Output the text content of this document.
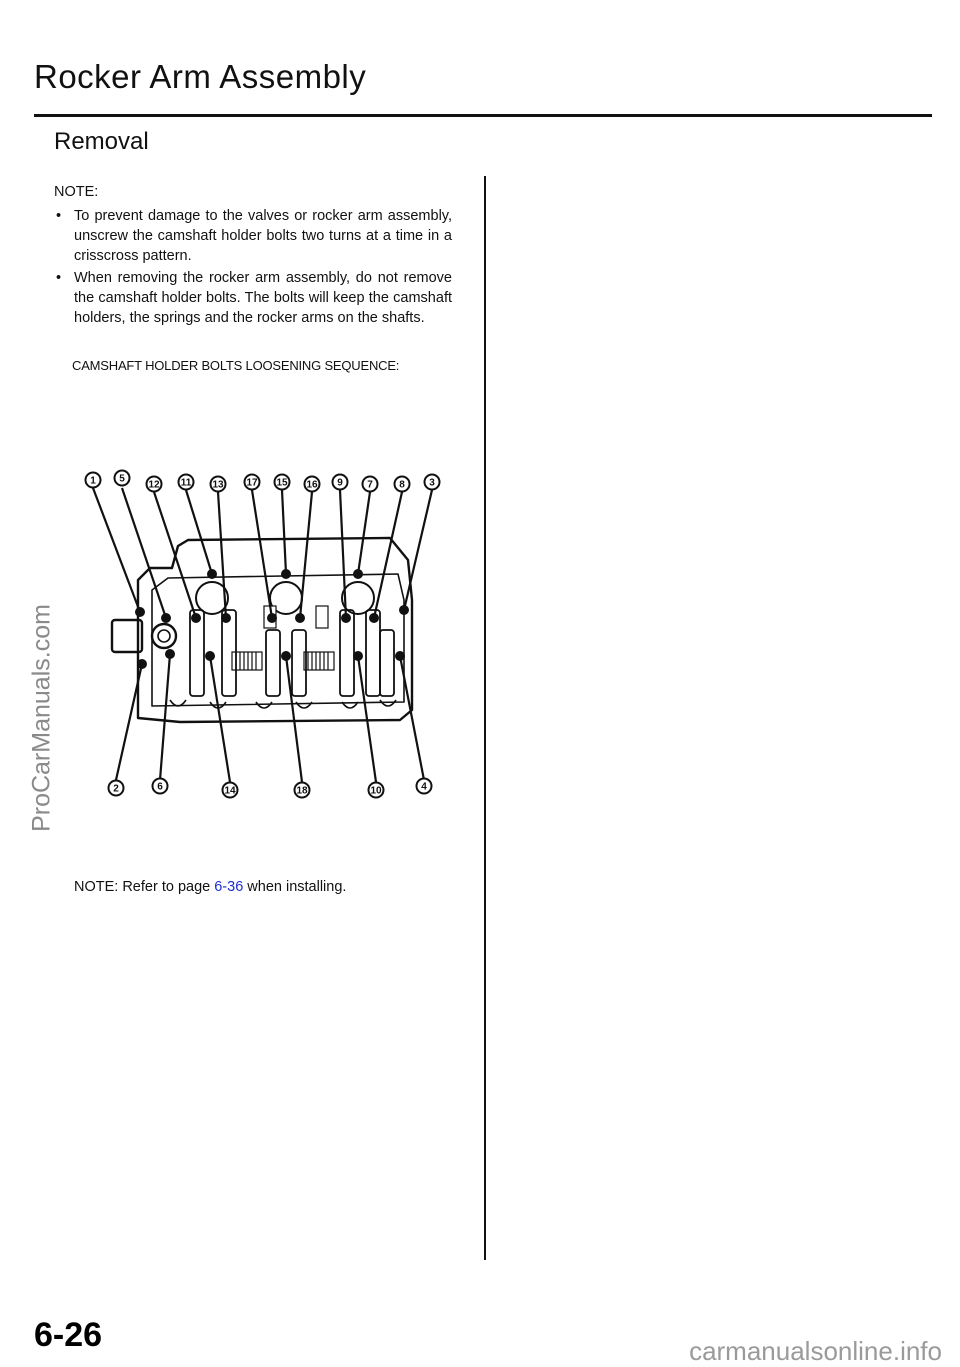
Rocker Arm Assembly
Removal
NOTE:
• To prevent damage to the valves or rocker arm assembly, unscrew the camshaft holder bolts two turns at a time in a crisscross pattern.
• When removing the rocker arm assembly, do not remove the camshaft holder bolts. The bolts will keep the camshaft holders, the springs and the rocker arms on the shafts.
CAMSHAFT HOLDER BOLTS LOOSENING SEQUENCE:
1 5
12 11 13 17 15 16 9 7	8 3
2	6	14	18	10	4
NOTE: Refer to page 6-36 when installing.
6-26
ProCarManuals.com
carmanualsonline.info
